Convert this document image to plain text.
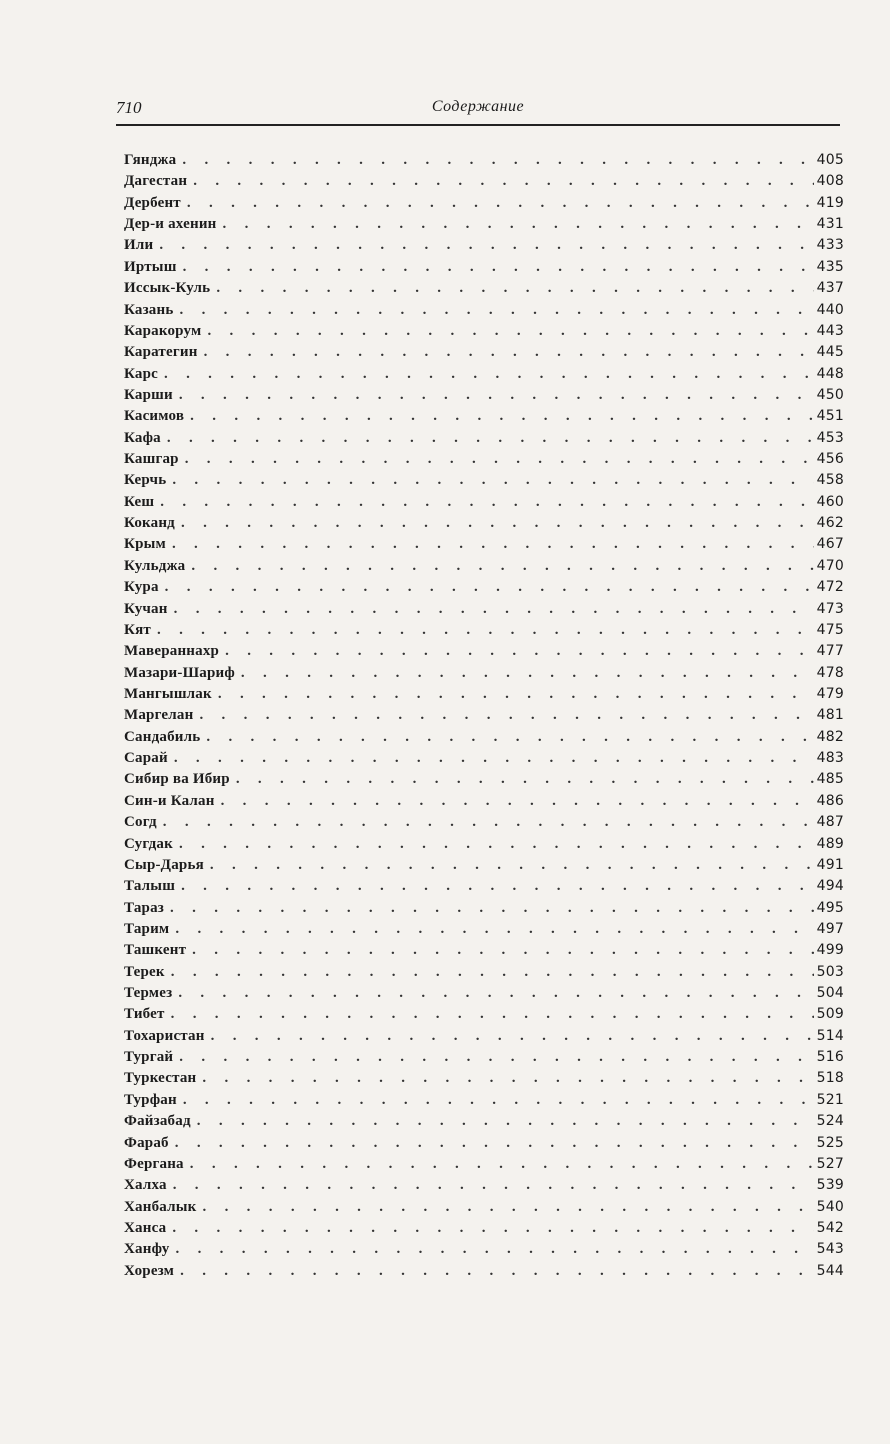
710	Содержание
Гянджа . . .	405
Дагестан . . .	408
Дербент . . .	419
Дер-и ахенин . . .	431
Или . . .	433
Иртыш . . .	435
Иссык-Куль . . .	437
Казань . . .	440
Каракорум . . .	443
Каратегин . . .	445
Карс . . .	448
Карши . . .	450
Касимов . . .	451
Кафа . . .	453
Кашгар . . .	456
Керчь . . .	458
Кеш . . .	460
Коканд . . .	462
Крым . . .	467
Кульджа . . .	470
Кура . . .	472
Кучан . . .	473
Кят . . .	475
Мавераннахр . . .	477
Мазари-Шариф . . .	478
Мангышлак . . .	479
Маргелан . . .	481
Сандабиль . . .	482
Сарай . . .	483
Сибир ва Ибир . . .	485
Син-и Калан . . .	486
Согд . . .	487
Сугдак . . .	489
Сыр-Дарья . . .	491
Талыш . . .	494
Тараз . . .	495
Тарим . . .	497
Ташкент . . .	499
Терек . . .	503
Термез . . .	504
Тибет . . .	509
Тохаристан . . .	514
Тургай . . .	516
Туркестан . . .	518
Турфан . . .	521
Файзабад . . .	524
Фараб . . .	525
Фергана . . .	527
Халха . . .	539
Ханбалык . . .	540
Ханса . . .	542
Ханфу . . .	543
Хорезм . . .	544
